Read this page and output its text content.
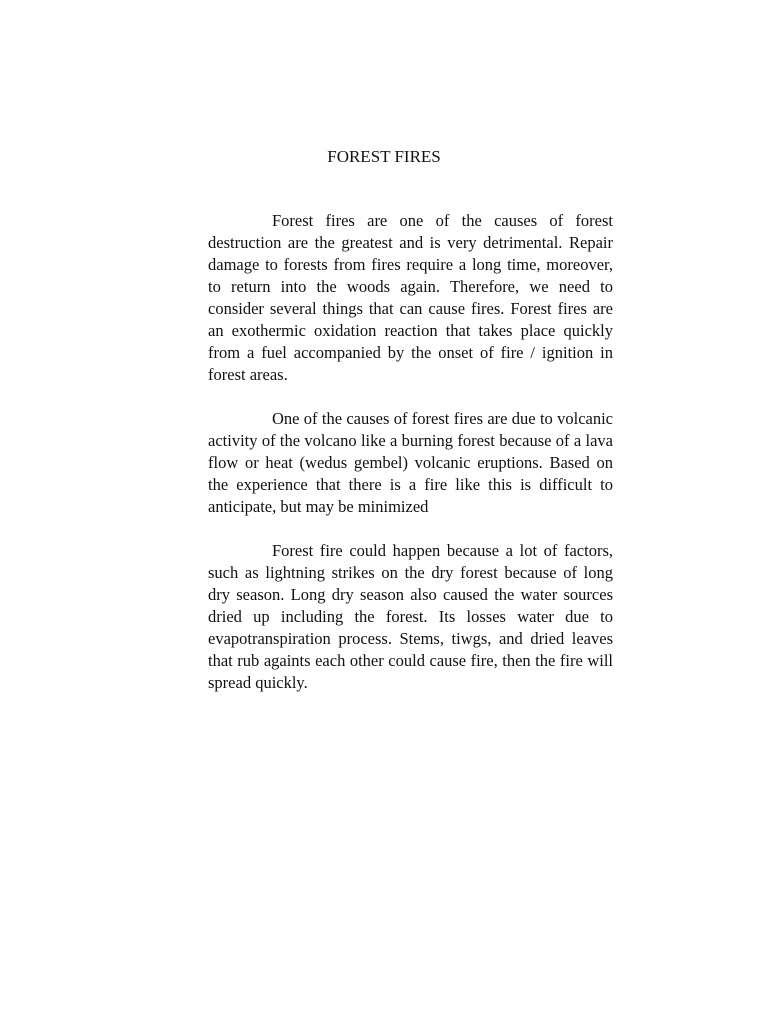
FOREST FIRES

Forest fires are one of the causes of forest destruction are the greatest and is very detrimental. Repair damage to forests from fires require a long time, moreover, to return into the woods again. Therefore, we need to consider several things that can cause fires. Forest fires are an exothermic oxidation reaction that takes place quickly from a fuel accompanied by the onset of fire / ignition in forest areas.

One of the causes of forest fires are due to volcanic activity of the volcano like a burning forest because of a lava flow or heat (wedus gembel) volcanic eruptions. Based on the experience that there is a fire like this is difficult to anticipate, but may be minimized

Forest fire could happen because a lot of factors, such as lightning strikes on the dry forest because of long dry season. Long dry season also caused the water sources dried up including the forest. Its losses water due to evapotranspiration process. Stems, tiwgs, and dried leaves that rub againts each other could cause fire, then the fire will spread quickly.
